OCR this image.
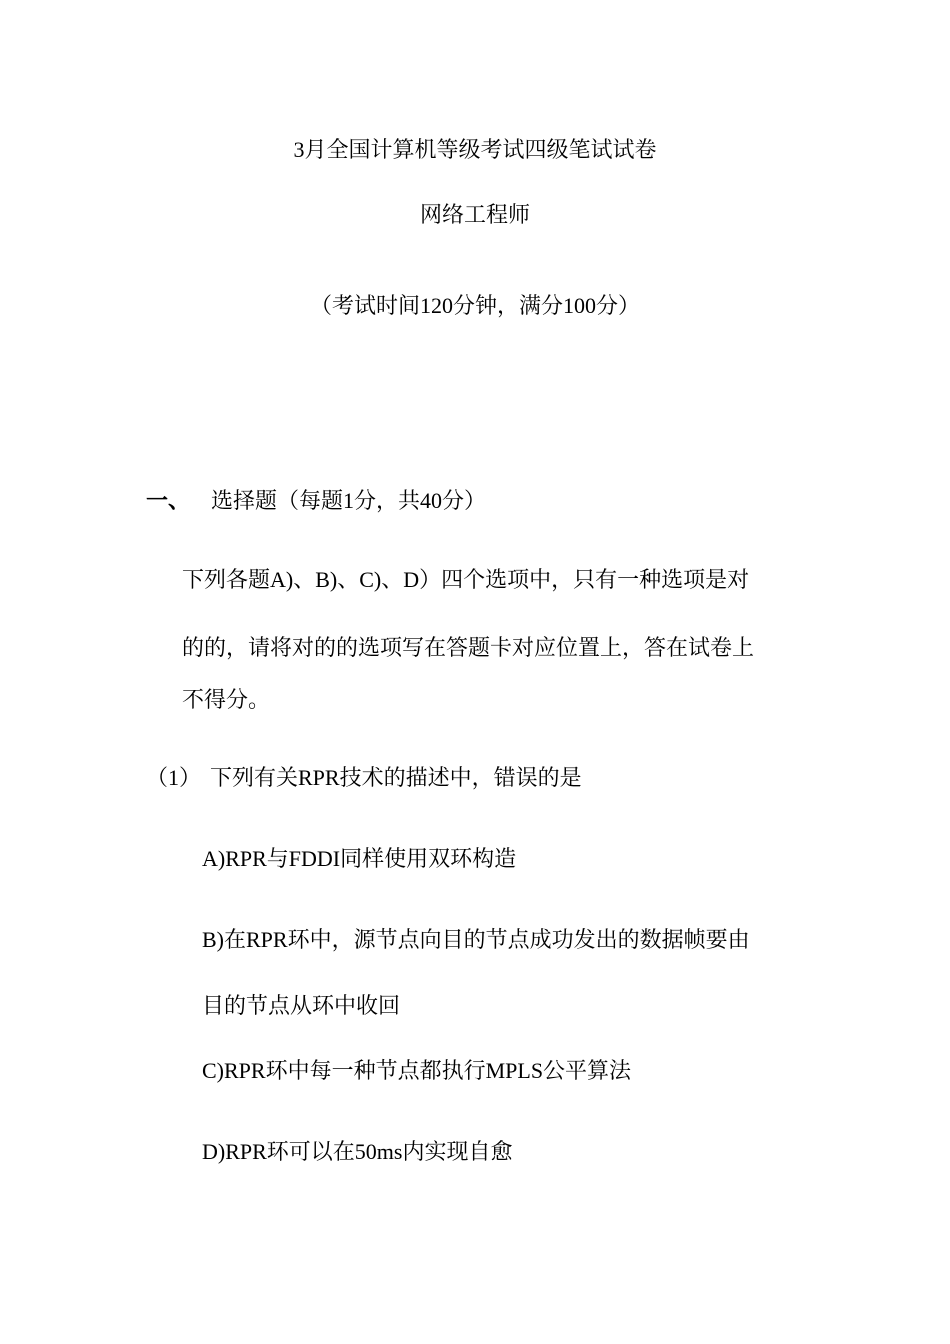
3月全国计算机等级考试四级笔试试卷
网络工程师
（考试时间120分钟，满分100分）
一、 选择题（每题1分，共40分）
下列各题A)、B)、C)、D）四个选项中，只有一种选项是对
的的，请将对的的选项写在答题卡对应位置上，答在试卷上
不得分。
（1） 下列有关RPR技术的描述中，错误的是
A)RPR与FDDI同样使用双环构造
B)在RPR环中，源节点向目的节点成功发出的数据帧要由
目的节点从环中收回
C)RPR环中每一种节点都执行MPLS公平算法
D)RPR环可以在50ms内实现自愈
